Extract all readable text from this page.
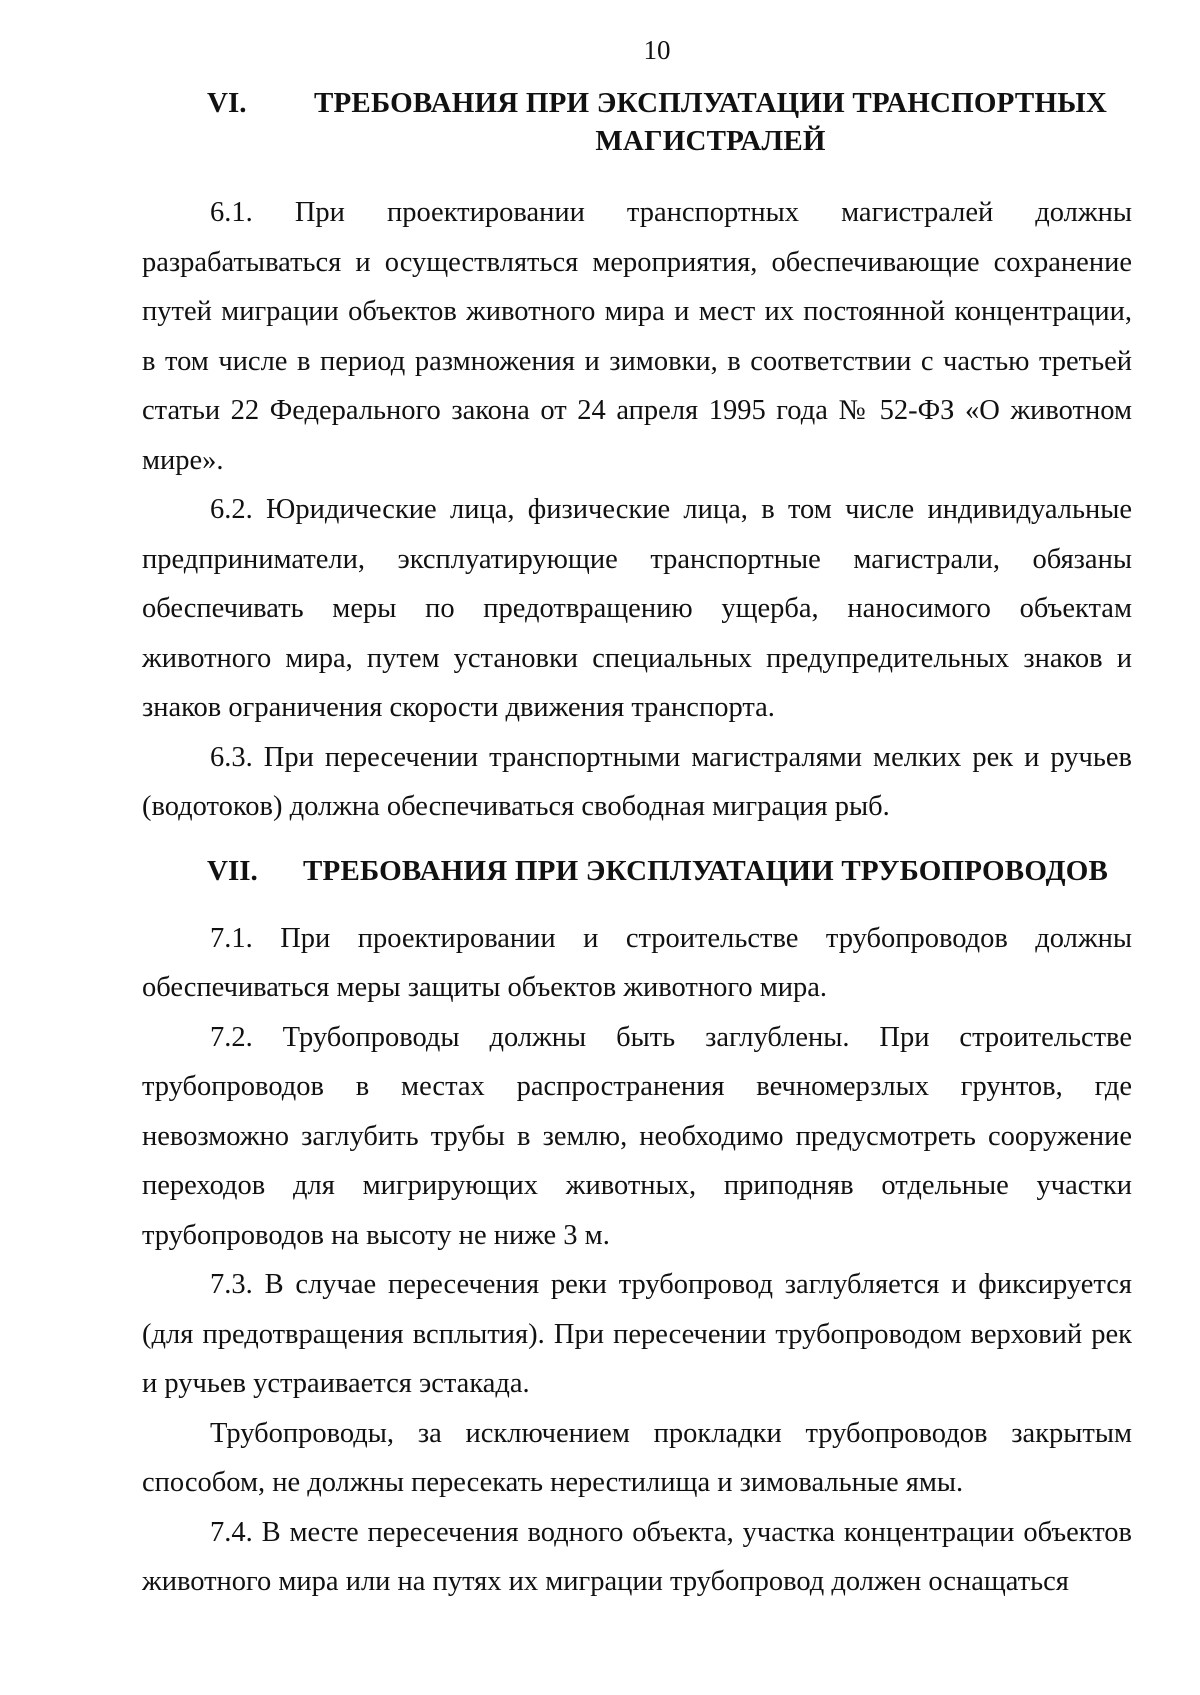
10
VI.	ТРЕБОВАНИЯ ПРИ ЭКСПЛУАТАЦИИ ТРАНСПОРТНЫХ
МАГИСТРАЛЕЙ

6.1. При проектировании транспортных магистралей должны разрабатываться и осуществляться мероприятия, обеспечивающие сохранение путей миграции объектов животного мира и мест их постоянной концентрации, в том числе в период размножения и зимовки, в соответствии с частью третьей статьи 22 Федерального закона от 24 апреля 1995 года № 52-ФЗ «О животном мире».

6.2. Юридические лица, физические лица, в том числе индивидуальные предприниматели, эксплуатирующие транспортные магистрали, обязаны обеспечивать меры по предотвращению ущерба, наносимого объектам животного мира, путем установки специальных предупредительных знаков и знаков ограничения скорости движения транспорта.

6.3. При пересечении транспортными магистралями мелких рек и ручьев (водотоков) должна обеспечиваться свободная миграция рыб.

VII.	ТРЕБОВАНИЯ ПРИ ЭКСПЛУАТАЦИИ ТРУБОПРОВОДОВ

7.1. При проектировании и строительстве трубопроводов должны обеспечиваться меры защиты объектов животного мира.

7.2. Трубопроводы должны быть заглублены. При строительстве трубопроводов в местах распространения вечномерзлых грунтов, где невозможно заглубить трубы в землю, необходимо предусмотреть сооружение переходов для мигрирующих животных, приподняв отдельные участки трубопроводов на высоту не ниже 3 м.

7.3. В случае пересечения реки трубопровод заглубляется и фиксируется (для предотвращения всплытия). При пересечении трубопроводом верховий рек и ручьев устраивается эстакада.

Трубопроводы, за исключением прокладки трубопроводов закрытым способом, не должны пересекать нерестилища и зимовальные ямы.

7.4. В месте пересечения водного объекта, участка концентрации объектов животного мира или на путях их миграции трубопровод должен оснащаться
